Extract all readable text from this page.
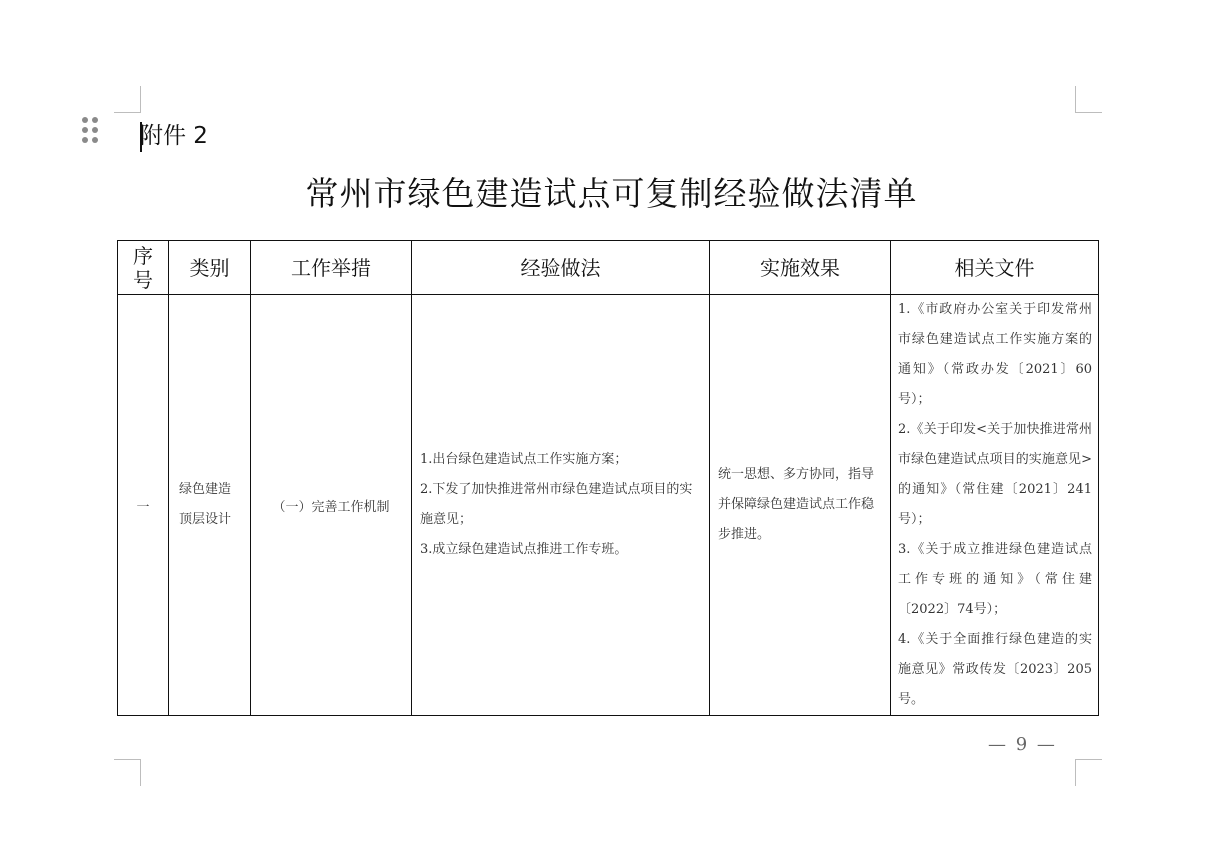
附件 2
常州市绿色建造试点可复制经验做法清单
序号	类别	工作举措	经验做法	实施效果	相关文件
一	绿色建造顶层设计	（一）完善工作机制	1.出台绿色建造试点工作实施方案；
2.下发了加快推进常州市绿色建造试点项目的实施意见；
3.成立绿色建造试点推进工作专班。	统一思想、多方协同，指导并保障绿色建造试点工作稳步推进。	1.《市政府办公室关于印发常州市绿色建造试点工作实施方案的通知》（常政办发〔2021〕60号）；
2.《关于印发<关于加快推进常州市绿色建造试点项目的实施意见>的通知》（常住建〔2021〕241号）；
3.《关于成立推进绿色建造试点工作专班的通知》（常住建〔2022〕74号）；
4.《关于全面推行绿色建造的实施意见》常政传发〔2023〕205号。
— 9 —
